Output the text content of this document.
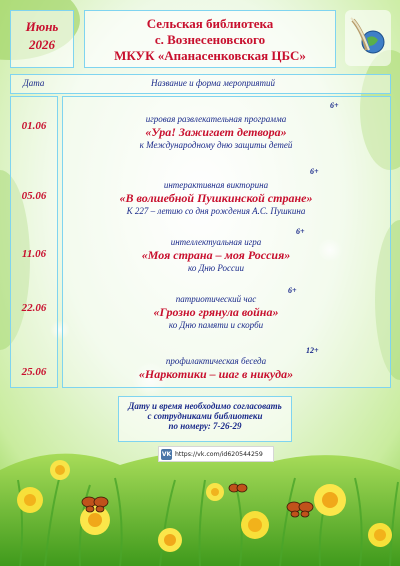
Июнь
2026
Сельская библиотека
с. Вознесеновского
МКУК «Апанасенковская ЦБС»
Дата	Название и форма мероприятий
01.06
6+
игровая развлекательная программа
«Ура! Зажигает детвора»
к Международному дню защиты детей
05.06
6+
интерактивная викторина
«В волшебной Пушкинской стране»
К 227 – летию со дня рождения А.С. Пушкина
11.06
6+
интеллектуальная игра
«Моя страна – моя Россия»
ко Дню России
22.06
6+
патриотический час
«Грозно грянула война»
ко Дню памяти и скорби
25.06
12+
профилактическая беседа
«Наркотики – шаг в никуда»
Дату и время необходимо согласовать
с сотрудниками библиотеки
по номеру: 7-26-29
VK https://vk.com/id620544259
